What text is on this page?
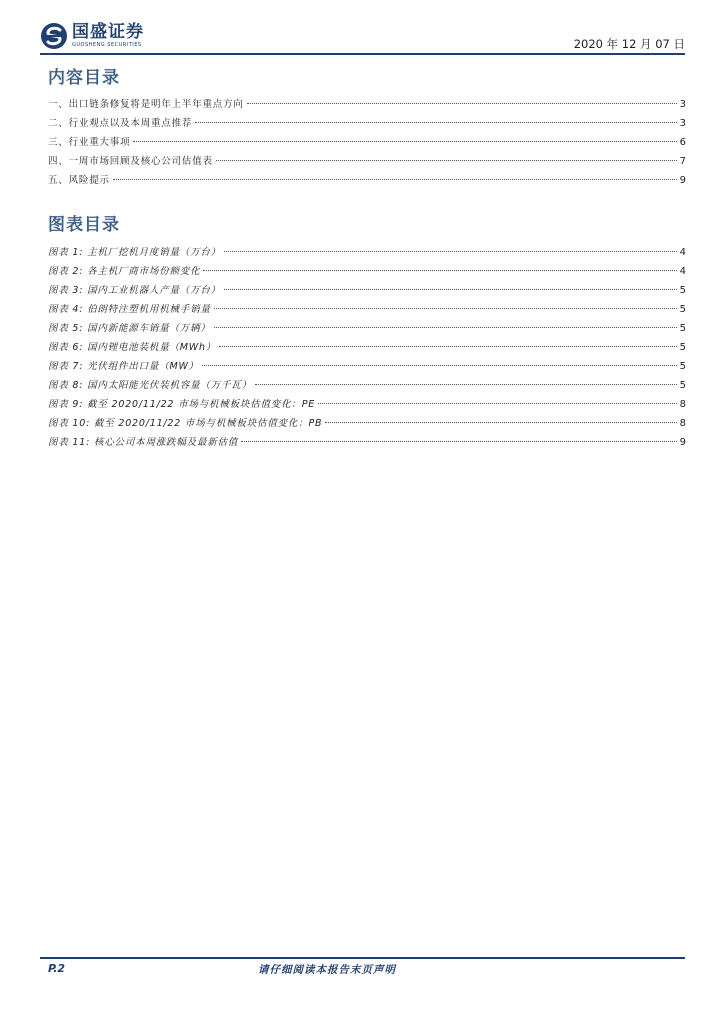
国盛证券
GUOSHENG SECURITIES	2020 年 12 月 07 日
内容目录
一、出口链条修复将是明年上半年重点方向	3
二、行业观点以及本周重点推荐	3
三、行业重大事项	6
四、一周市场回顾及核心公司估值表	7
五、风险提示	9
图表目录
图表 1: 主机厂挖机月度销量（万台）	4
图表 2: 各主机厂商市场份额变化	4
图表 3: 国内工业机器人产量（万台）	5
图表 4: 伯朗特注塑机用机械手销量	5
图表 5: 国内新能源车销量（万辆）	5
图表 6: 国内锂电池装机量（MWh）	5
图表 7: 光伏组件出口量（MW）	5
图表 8: 国内太阳能光伏装机容量（万千瓦）	5
图表 9: 截至 2020/11/22 市场与机械板块估值变化：PE	8
图表 10: 截至 2020/11/22 市场与机械板块估值变化：PB	8
图表 11: 核心公司本周涨跌幅及最新估值	9
P.2	请仔细阅读本报告末页声明
